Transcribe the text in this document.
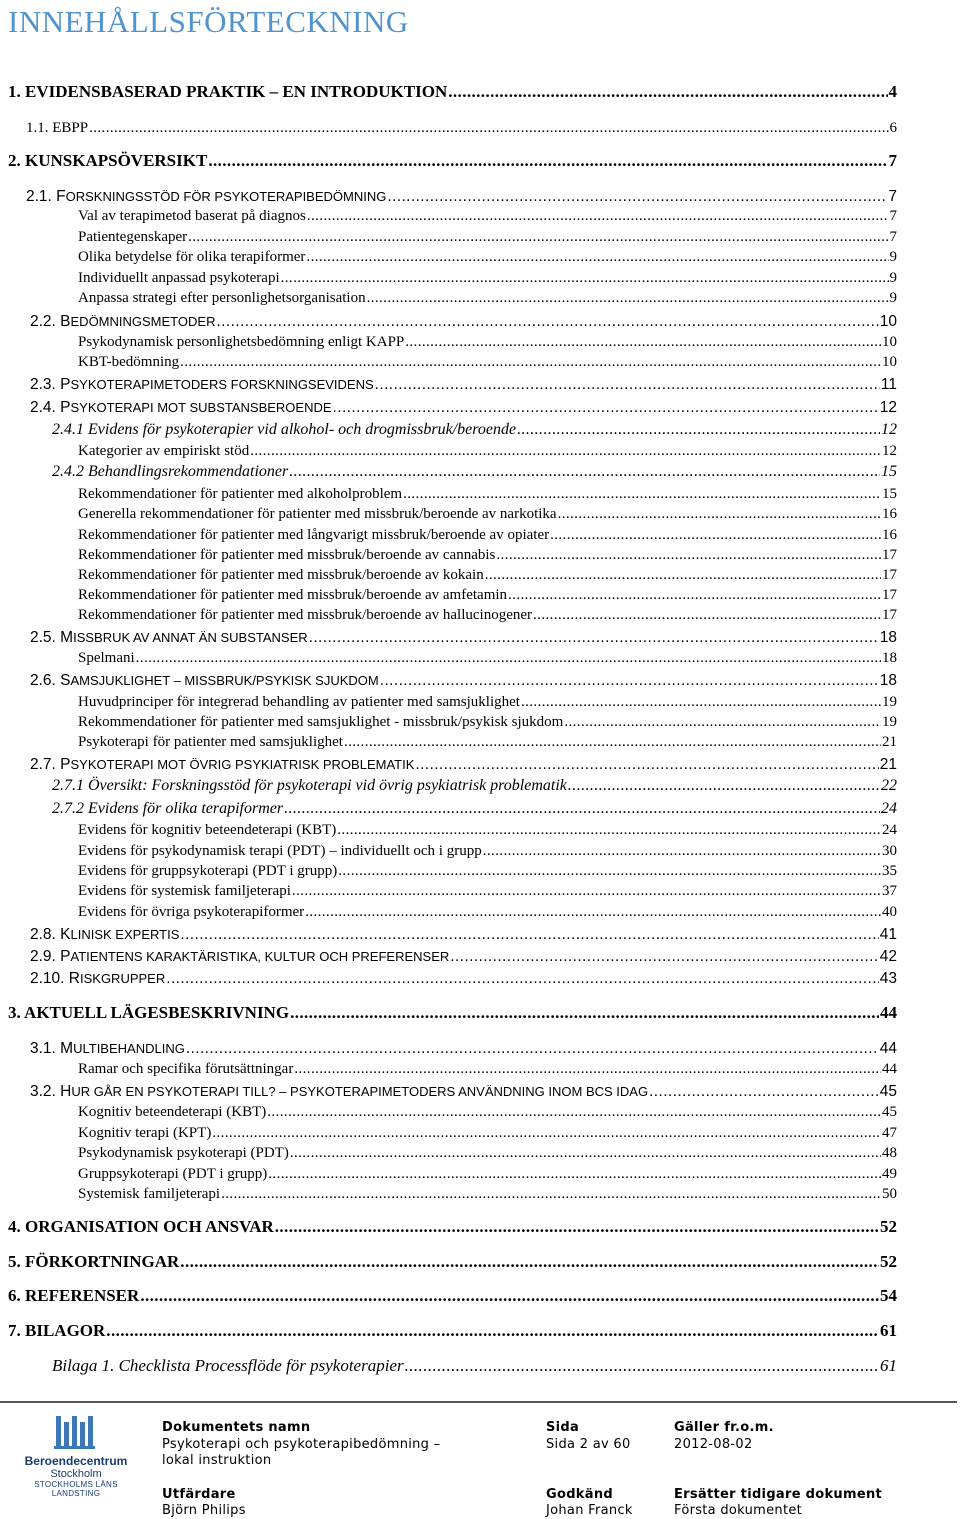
INNEHÅLLSFÖRTECKNING
1. EVIDENSBASERAD PRAKTIK – EN INTRODUKTION .....	4
1.1. EBPP .....	6
2. KUNSKAPSÖVERSIKT .....	7
2.1. FORSKNINGSSTÖD FÖR PSYKOTERAPIBEDÖMNING .....	7
Val av terapimetod baserat på diagnos .....	7
Patientegenskaper .....	7
Olika betydelse för olika terapiformer .....	9
Individuellt anpassad psykoterapi .....	9
Anpassa strategi efter personlighetsorganisation .....	9
2.2. BEDÖMNINGSMETODER .....	10
Psykodynamisk personlighetsbedömning enligt KAPP .....	10
KBT-bedömning .....	10
2.3. PSYKOTERAPIMETODERS FORSKNINGSEVIDENS .....	11
2.4. PSYKOTERAPI MOT SUBSTANSBEROENDE .....	12
2.4.1 Evidens för psykoterapier vid alkohol- och drogmissbruk/beroende .....	12
Kategorier av empiriskt stöd .....	12
2.4.2 Behandlingsrekommendationer .....	15
Rekommendationer för patienter med alkoholproblem .....	15
Generella rekommendationer för patienter med missbruk/beroende av narkotika .....	16
Rekommendationer för patienter med långvarigt missbruk/beroende av opiater .....	16
Rekommendationer för patienter med missbruk/beroende av cannabis .....	17
Rekommendationer för patienter med missbruk/beroende av kokain .....	17
Rekommendationer för patienter med missbruk/beroende av amfetamin .....	17
Rekommendationer för patienter med missbruk/beroende av hallucinogener .....	17
2.5. MISSBRUK AV ANNAT ÄN SUBSTANSER .....	18
Spelmani .....	18
2.6. SAMSJUKLIGHET – MISSBRUK/PSYKISK SJUKDOM .....	18
Huvudprinciper för integrerad behandling av patienter med samsjuklighet .....	19
Rekommendationer för patienter med samsjuklighet - missbruk/psykisk sjukdom .....	19
Psykoterapi för patienter med samsjuklighet .....	21
2.7. PSYKOTERAPI MOT ÖVRIG PSYKIATRISK PROBLEMATIK .....	21
2.7.1 Översikt: Forskningsstöd för psykoterapi vid övrig psykiatrisk problematik .....	22
2.7.2 Evidens för olika terapiformer .....	24
Evidens för kognitiv beteendeterapi (KBT) .....	24
Evidens för psykodynamisk terapi (PDT) – individuellt och i grupp .....	30
Evidens för gruppsykoterapi (PDT i grupp) .....	35
Evidens för systemisk familjeterapi .....	37
Evidens för övriga psykoterapiformer .....	40
2.8. KLINISK EXPERTIS .....	41
2.9. PATIENTENS KARAKTÄRISTIKA, KULTUR OCH PREFERENSER .....	42
2.10. RISKGRUPPER .....	43
3. AKTUELL LÄGESBESKRIVNING .....	44
3.1. MULTIBEHANDLING .....	44
Ramar och specifika förutsättningar .....	44
3.2. HUR GÅR EN PSYKOTERAPI TILL? – PSYKOTERAPIMETODERS ANVÄNDNING INOM BCS IDAG .....	45
Kognitiv beteendeterapi (KBT) .....	45
Kognitiv terapi (KPT) .....	47
Psykodynamisk psykoterapi (PDT) .....	48
Gruppsykoterapi (PDT i grupp) .....	49
Systemisk familjeterapi .....	50
4. ORGANISATION OCH ANSVAR .....	52
5. FÖRKORTNINGAR .....	52
6. REFERENSER .....	54
7. BILAGOR .....	61
Bilaga 1. Checklista Processflöde för psykoterapier .....	61
Beroendecentrum
Stockholm
STOCKHOLMS LÄNS LANDSTING
Dokumentets namn
Psykoterapi och psykoterapibedömning –
lokal instruktion
Sida
Sida 2 av 60
Gäller fr.o.m.
2012-08-02
Utfärdare
Björn Philips
Godkänd
Johan Franck
Ersätter tidigare dokument
Första dokumentet
